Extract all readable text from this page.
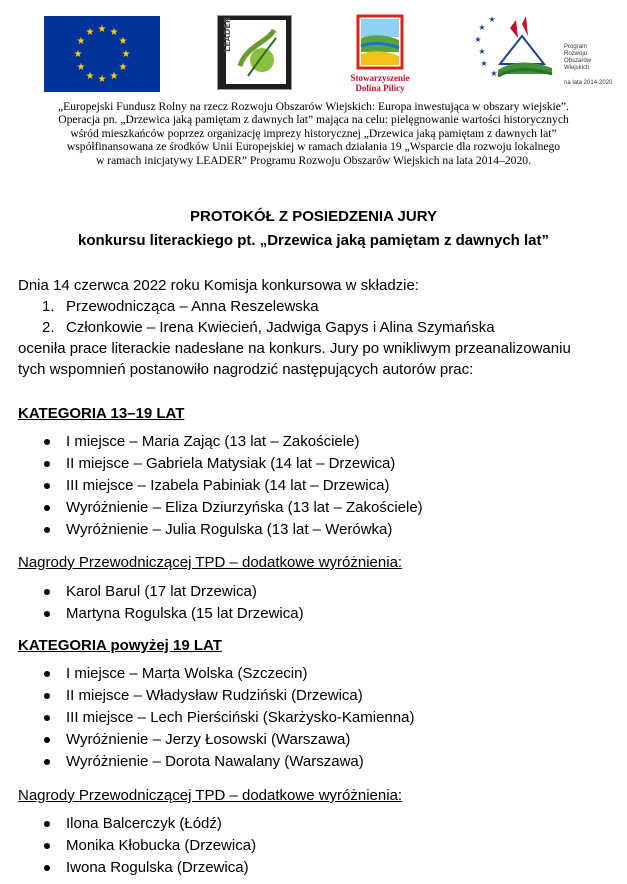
★ ★
★
★
★
★
★
★
★
★
★
★	LEADER
Stowarzyszenie Dolina Pilicy
★
★
★
★
★
★
Program
Rozwoju
Obszarów
Wiejskich
na lata 2014-2020
„Europejski Fundusz Rolny na rzecz Rozwoju Obszarów Wiejskich: Europa inwestująca w obszary wiejskie”.
Operacja pn. „Drzewica jaką pamiętam z dawnych lat” mająca na celu: pielęgnowanie wartości historycznych
wśród mieszkańców poprzez organizację imprezy historycznej „Drzewica jaką pamiętam z dawnych lat”
współfinansowana ze środków Unii Europejskiej w ramach działania 19 „Wsparcie dla rozwoju lokalnego
w ramach inicjatywy LEADER” Programu Rozwoju Obszarów Wiejskich na lata 2014–2020.
PROTOKÓŁ Z POSIEDZENIA JURY
konkursu literackiego pt. „Drzewica jaką pamiętam z dawnych lat”
Dnia 14 czerwca 2022 roku Komisja konkursowa w składzie:
1. Przewodnicząca – Anna Reszelewska
2. Członkowie – Irena Kwiecień, Jadwiga Gapys i Alina Szymańska
oceniła prace literackie nadesłane na konkurs. Jury po wnikliwym przeanalizowaniu
tych wspomnień postanowiło nagrodzić następujących autorów prac:
KATEGORIA 13–19 LAT
I miejsce – Maria Zając (13 lat – Zakościele)
II miejsce – Gabriela Matysiak (14 lat – Drzewica)
III miejsce – Izabela Pabiniak (14 lat – Drzewica)
Wyróżnienie – Eliza Dziurzyńska (13 lat – Zakościele)
Wyróżnienie – Julia Rogulska (13 lat – Werówka)
Nagrody Przewodniczącej TPD – dodatkowe wyróżnienia:
Karol Barul (17 lat Drzewica)
Martyna Rogulska (15 lat Drzewica)
KATEGORIA powyżej 19 LAT
I miejsce – Marta Wolska (Szczecin)
II miejsce – Władysław Rudziński (Drzewica)
III miejsce – Lech Pierściński (Skarżysko-Kamienna)
Wyróżnienie – Jerzy Łosowski (Warszawa)
Wyróżnienie – Dorota Nawalany (Warszawa)
Nagrody Przewodniczącej TPD – dodatkowe wyróżnienia:
Ilona Balcerczyk (Łódź)
Monika Kłobucka (Drzewica)
Iwona Rogulska (Drzewica)
